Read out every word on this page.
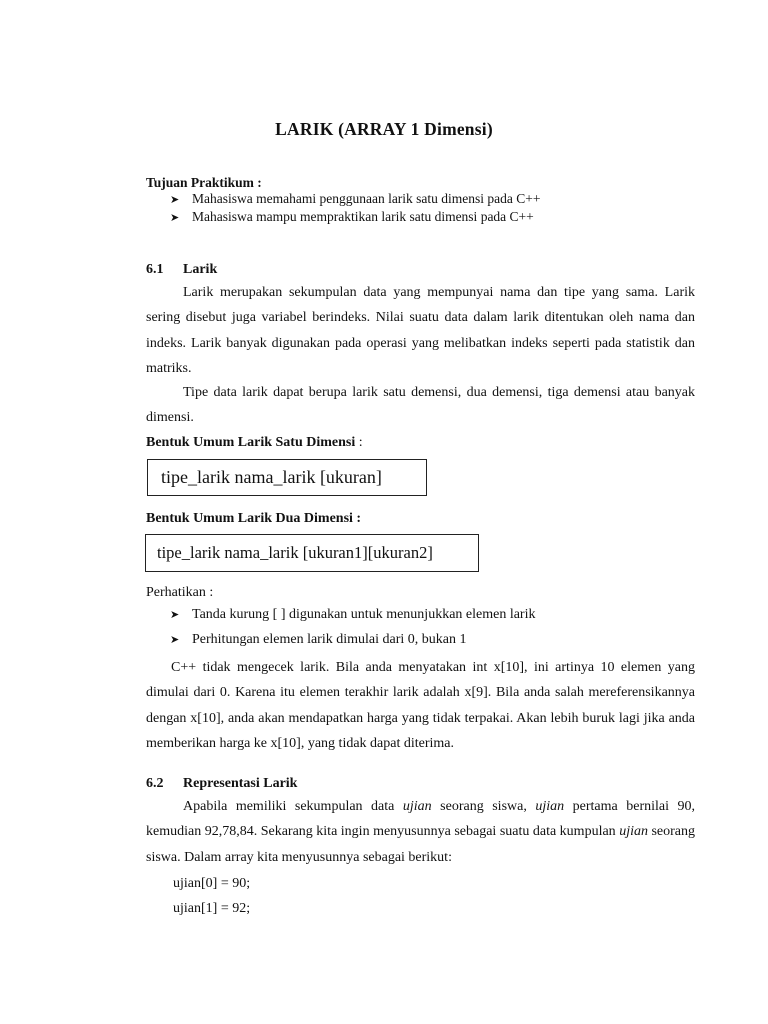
LARIK (ARRAY 1 Dimensi)
Tujuan Praktikum :
➤ Mahasiswa memahami penggunaan larik satu dimensi pada C++
➤ Mahasiswa mampu mempraktikan larik satu dimensi pada C++
6.1 Larik
Larik merupakan sekumpulan data yang mempunyai nama dan tipe yang sama. Larik sering disebut juga variabel berindeks. Nilai suatu data dalam larik ditentukan oleh nama dan indeks. Larik banyak digunakan pada operasi yang melibatkan indeks seperti pada statistik dan matriks.
Tipe data larik dapat berupa larik satu demensi, dua demensi, tiga demensi atau banyak dimensi.
Bentuk Umum Larik Satu Dimensi :
tipe_larik nama_larik [ukuran]
Bentuk Umum Larik Dua Dimensi :
tipe_larik nama_larik [ukuran1][ukuran2]
Perhatikan :
➤ Tanda kurung [ ] digunakan untuk menunjukkan elemen larik
➤ Perhitungan elemen larik dimulai dari 0, bukan 1
C++ tidak mengecek larik. Bila anda menyatakan int x[10], ini artinya 10 elemen yang dimulai dari 0. Karena itu elemen terakhir larik adalah x[9]. Bila anda salah mereferensikannya dengan x[10], anda akan mendapatkan harga yang tidak terpakai. Akan lebih buruk lagi jika anda memberikan harga ke x[10], yang tidak dapat diterima.
6.2 Representasi Larik
Apabila memiliki sekumpulan data ujian seorang siswa, ujian pertama bernilai 90, kemudian 92,78,84. Sekarang kita ingin menyusunnya sebagai suatu data kumpulan ujian seorang siswa. Dalam array kita menyusunnya sebagai berikut:
ujian[0] = 90;
ujian[1] = 92;
